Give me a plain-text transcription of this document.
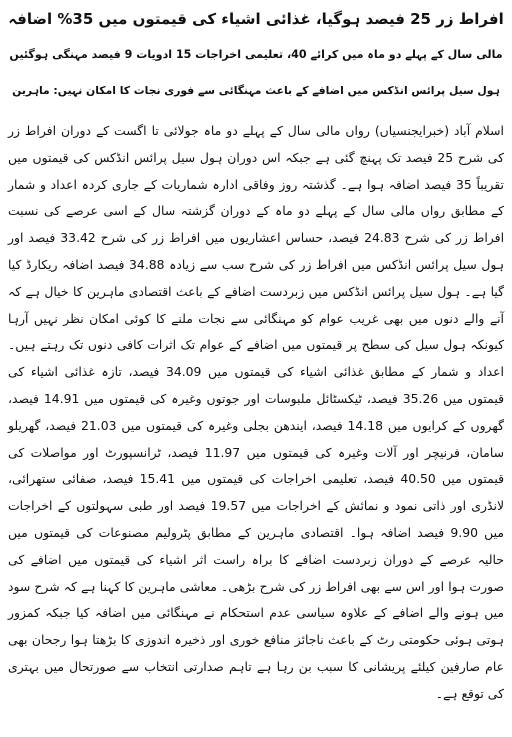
افراط زر 25 فیصد ہوگیا، غذائی اشیاء کی قیمتوں میں 35% اضافہ

مالی سال کے پہلے دو ماہ میں کرائے 40، تعلیمی اخراجات 15 ادویات 9 فیصد مہنگی ہوگئیں

ہول سیل پرائس انڈکس میں اضافے کے باعث مہنگائی سے فوری نجات کا امکان نہیں: ماہرین

اسلام آباد (خبرایجنسیاں) رواں مالی سال کے پہلے دو ماہ جولائی تا اگست کے دوران افراط زر کی شرح 25 فیصد تک پہنچ گئی ہے جبکہ اس دوران ہول سیل پرائس انڈکس کی قیمتوں میں تقریباً 35 فیصد اضافہ ہوا ہے۔ گذشتہ روز وفاقی ادارہ شماریات کے جاری کردہ اعداد و شمار کے مطابق رواں مالی سال کے پہلے دو ماہ کے دوران گزشتہ سال کے اسی عرصے کی نسبت افراط زر کی شرح 24.83 فیصد، حساس اعشاریوں میں افراط زر کی شرح 33.42 فیصد اور ہول سیل پرائس انڈکس میں افراط زر کی شرح سب سے زیادہ 34.88 فیصد اضافہ ریکارڈ کیا گیا ہے۔ ہول سیل پرائس انڈکس میں زبردست اضافے کے باعث اقتصادی ماہرین کا خیال ہے کہ آنے والے دنوں میں بھی غریب عوام کو مہنگائی سے نجات ملنے کا کوئی امکان نظر نہیں آرہا کیونکہ ہول سیل کی سطح پر قیمتوں میں اضافے کے عوام تک اثرات کافی دنوں تک رہتے ہیں۔ اعداد و شمار کے مطابق غذائی اشیاء کی قیمتوں میں 34.09 فیصد، تازہ غذائی اشیاء کی قیمتوں میں 35.26 فیصد، ٹیکسٹائل ملبوسات اور جوتوں وغیرہ کی قیمتوں میں 14.91 فیصد، گھروں کے کرایوں میں 14.18 فیصد، ایندھن بجلی وغیرہ کی قیمتوں میں 21.03 فیصد، گھریلو سامان، فرنیچر اور آلات وغیرہ کی قیمتوں میں 11.97 فیصد، ٹرانسپورٹ اور مواصلات کی قیمتوں میں 40.50 فیصد، تعلیمی اخراجات کی قیمتوں میں 15.41 فیصد، صفائی ستھرائی، لانڈری اور ذاتی نمود و نمائش کے اخراجات میں 19.57 فیصد اور طبی سہولتوں کے اخراجات میں 9.90 فیصد اضافہ ہوا۔ اقتصادی ماہرین کے مطابق پٹرولیم مصنوعات کی قیمتوں میں حالیہ عرصے کے دوران زبردست اضافے کا براہ راست اثر اشیاء کی قیمتوں میں اضافے کی صورت ہوا اور اس سے بھی افراط زر کی شرح بڑھی۔ معاشی ماہرین کا کہنا ہے کہ شرح سود میں ہونے والے اضافے کے علاوہ سیاسی عدم استحکام نے مہنگائی میں اضافہ کیا جبکہ کمزور ہوتی ہوئی حکومتی رٹ کے باعث ناجائز منافع خوری اور ذخیرہ اندوزی کا بڑھتا ہوا رجحان بھی عام صارفین کیلئے پریشانی کا سبب بن رہا ہے تاہم صدارتی انتخاب سے صورتحال میں بہتری کی توقع ہے۔
